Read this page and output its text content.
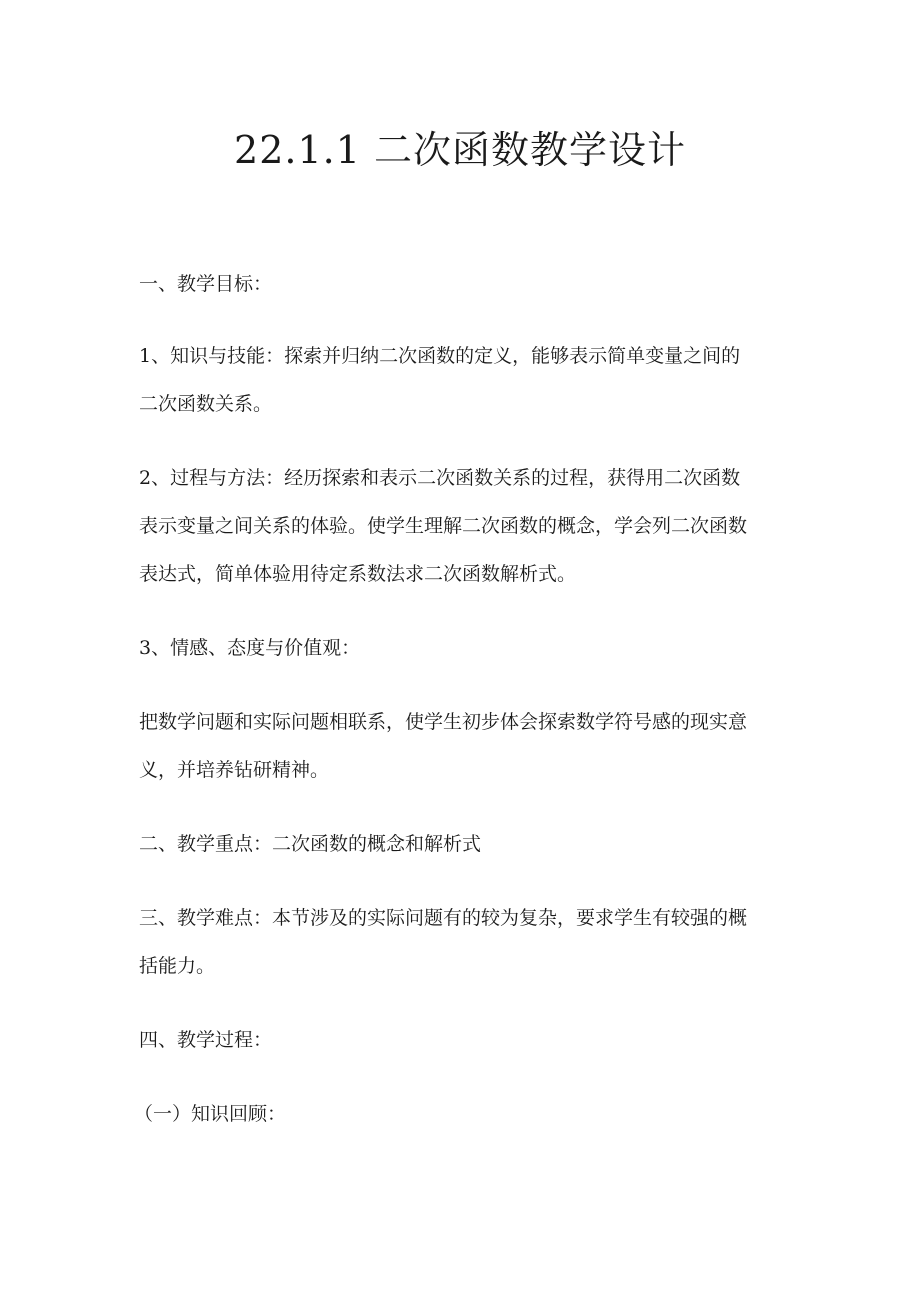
22.1.1 二次函数教学设计

一、教学目标：

1、知识与技能：探索并归纳二次函数的定义，能够表示简单变量之间的

二次函数关系。

2、过程与方法：经历探索和表示二次函数关系的过程，获得用二次函数

表示变量之间关系的体验。使学生理解二次函数的概念，学会列二次函数

表达式，简单体验用待定系数法求二次函数解析式。

3、情感、态度与价值观：

把数学问题和实际问题相联系，使学生初步体会探索数学符号感的现实意

义，并培养钻研精神。

二、教学重点：二次函数的概念和解析式

三、教学难点：本节涉及的实际问题有的较为复杂，要求学生有较强的概

括能力。

四、教学过程：

（一）知识回顾：
